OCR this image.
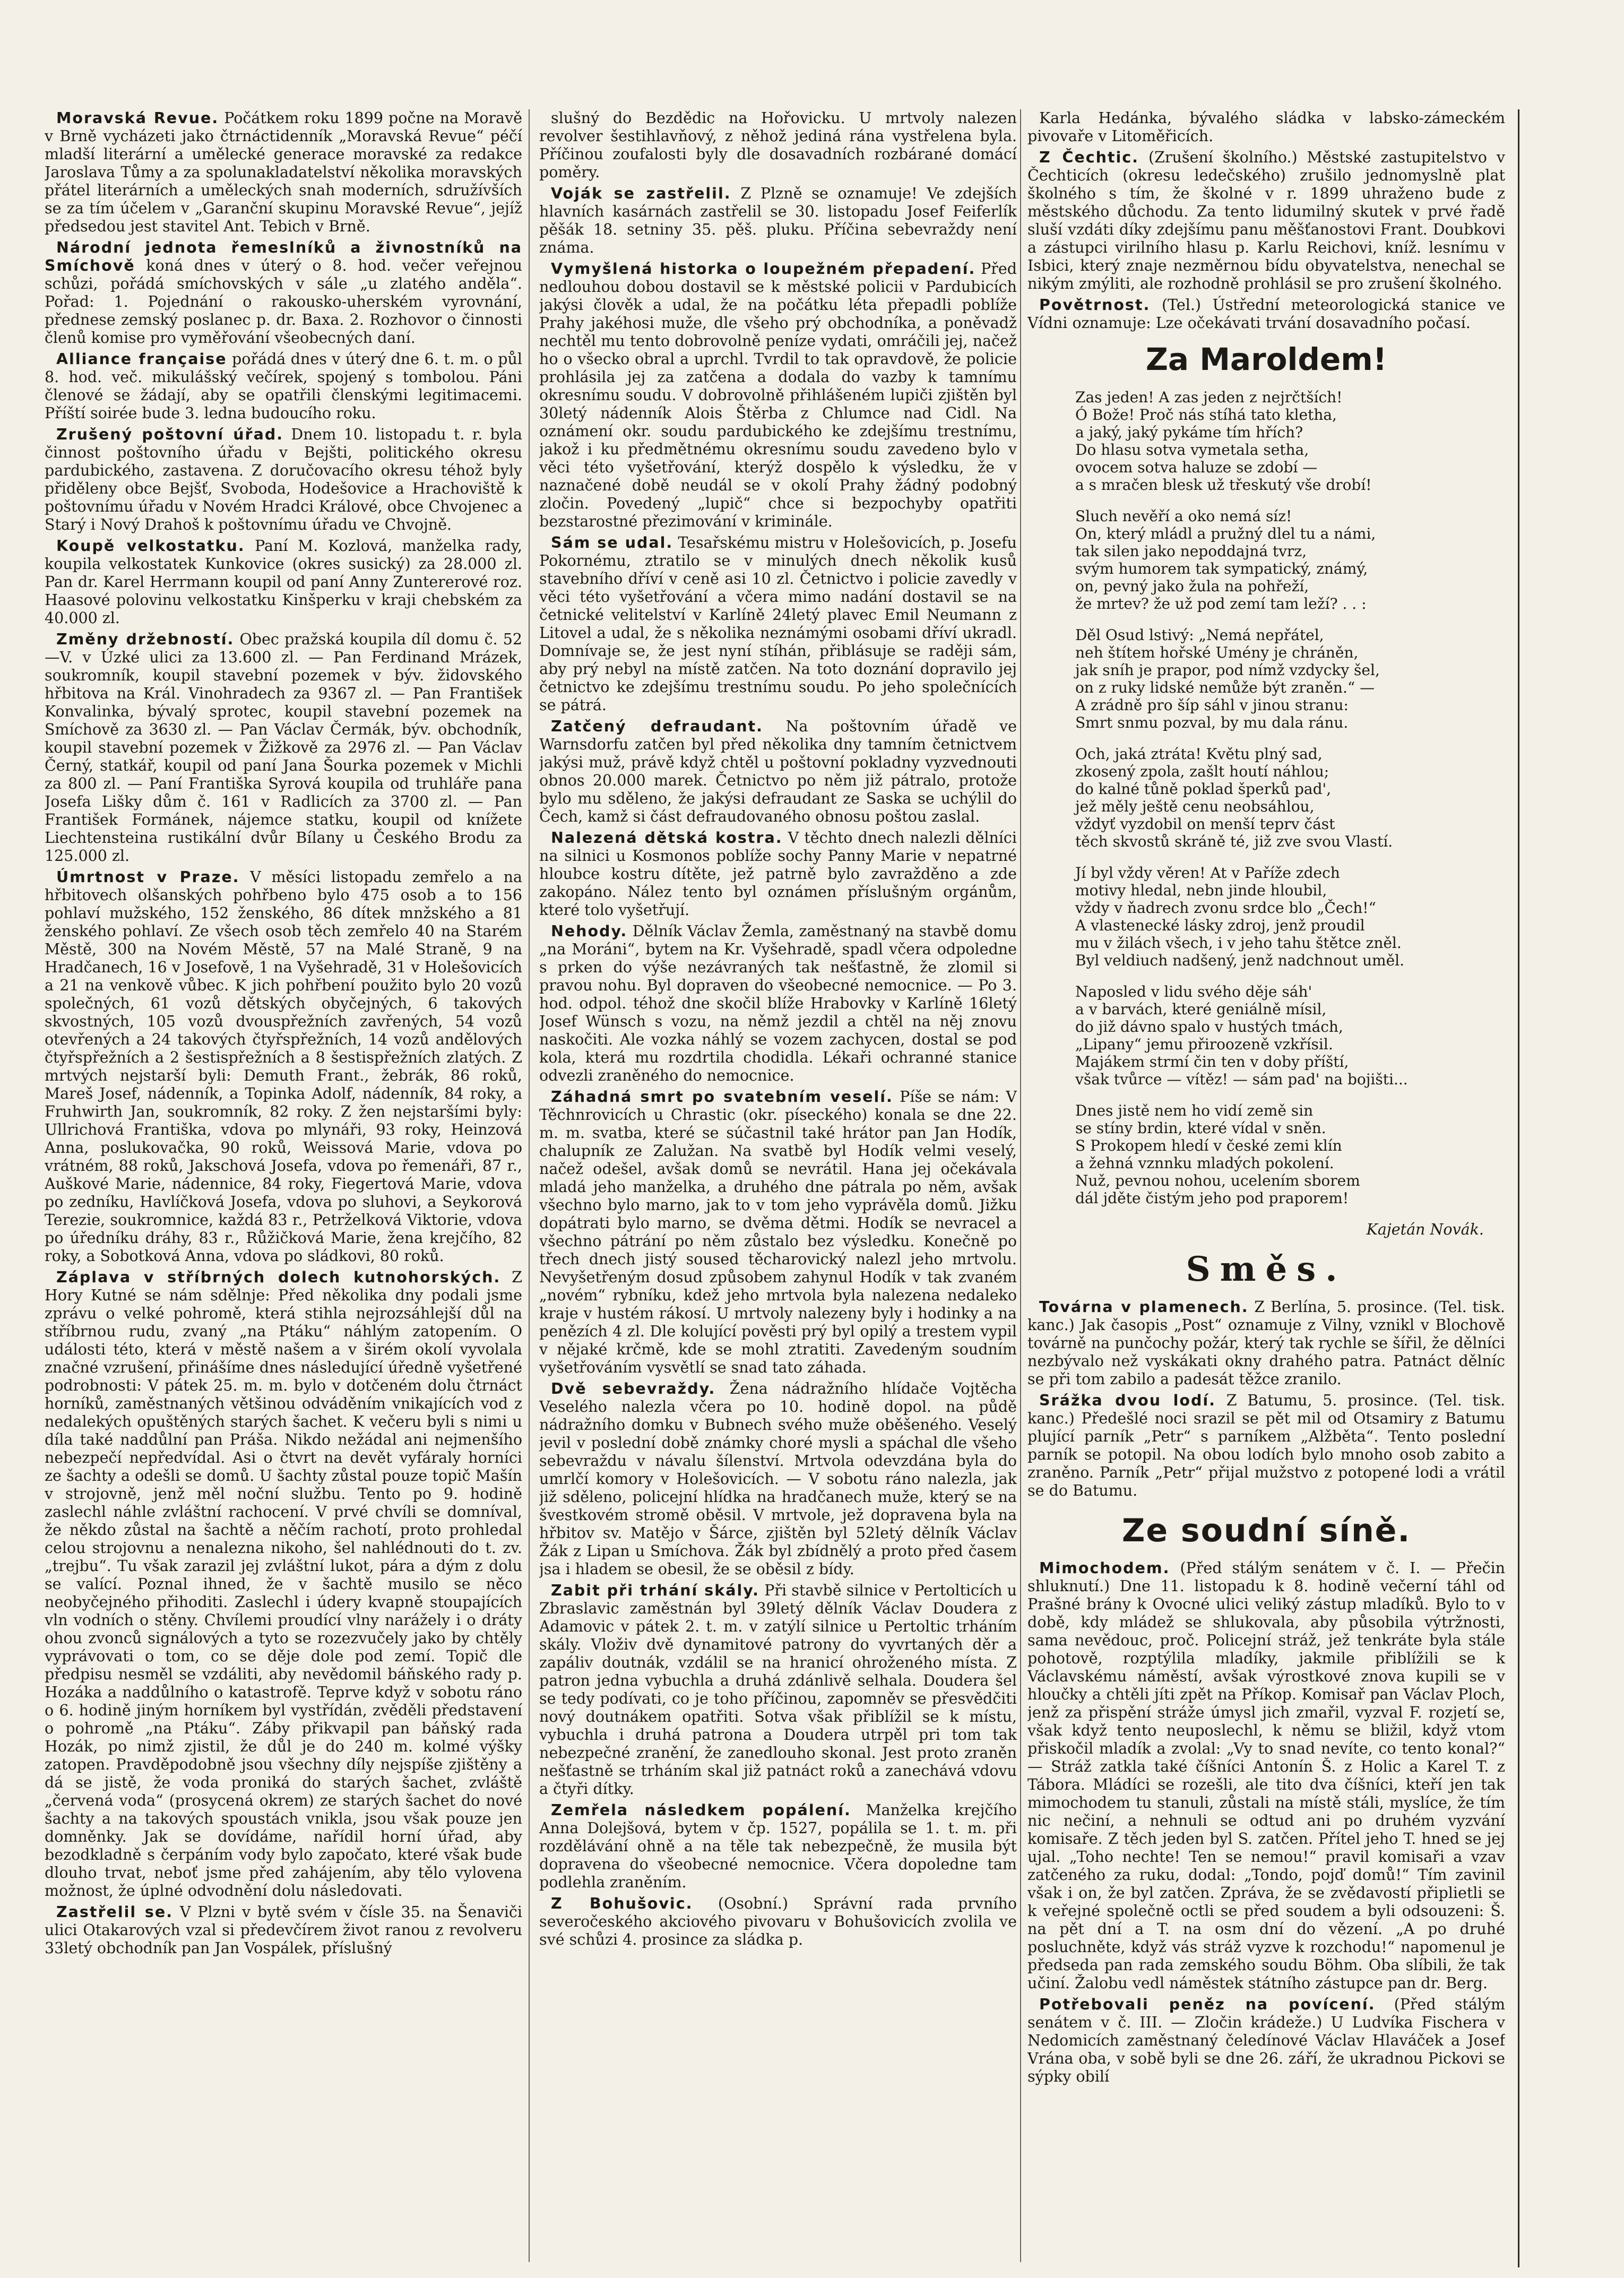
Moravská Revue. Počátkem roku 1899 počne na Moravě v Brně vycházeti jako čtrnáctidenník „Moravská Revue“ péčí mladší literární a umělecké generace moravské za redakce Jaroslava Tůmy a za spolunakladatelství několika moravských přátel literárních a uměleckých snah moderních, sdružívších se za tím účelem v „Garanční skupinu Moravské Revue“, jejíž předsedou jest stavitel Ant. Tebich v Brně.

Národní jednota řemeslníků a živnostníků na Smíchově koná dnes v úterý o 8. hod. večer veřejnou schůzi, pořádá smíchovských v sále „u zlatého anděla“. Pořad: 1. Pojednání o rakousko-uherském vyrovnání, přednese zemský poslanec p. dr. Baxa. 2. Rozhovor o činnosti členů komise pro vyměřování všeobecných daní.

Alliance française pořádá dnes v úterý dne 6. t. m. o půl 8. hod. več. mikulášský večírek, spojený s tombolou. Páni členové se žádají, aby se opatřili členskými legitimacemi. Příští soirée bude 3. ledna budoucího roku.

Zrušený poštovní úřad. Dnem 10. listopadu t. r. byla činnost poštovního úřadu v Bejšti, politického okresu pardubického, zastavena. Z doručovacího okresu téhož byly přiděleny obce Bejšť, Svoboda, Hodešovice a Hrachoviště k poštovnímu úřadu v Novém Hradci Králové, obce Chvojenec a Starý i Nový Drahoš k poštovnímu úřadu ve Chvojně.

Koupě velkostatku. Paní M. Kozlová, manželka rady, koupila velkostatek Kunkovice (okres susický) za 28.000 zl. Pan dr. Karel Herrmann koupil od paní Anny Zuntererové roz. Haasové polovinu velkostatku Kinšperku v kraji chebském za 40.000 zl.

Změny držebností. Obec pražská koupila díl domu č. 52—V. v Úzké ulici za 13.600 zl. — Pan Ferdinand Mrázek, soukromník, koupil stavební pozemek v býv. židovského hřbitova na Král. Vinohradech za 9367 zl. — Pan František Konvalinka, bývalý sprotec, koupil stavební pozemek na Smíchově za 3630 zl. — Pan Václav Čermák, býv. obchodník, koupil stavební pozemek v Žižkově za 2976 zl. — Pan Václav Černý, statkář, koupil od paní Jana Šourka pozemek v Michli za 800 zl. — Paní Františka Syrová koupila od truhláře pana Josefa Lišky dům č. 161 v Radlicích za 3700 zl. — Pan František Formánek, nájemce statku, koupil od knížete Liechtensteina rustikální dvůr Bílany u Českého Brodu za 125.000 zl.

Úmrtnost v Praze. V měsíci listopadu zemřelo a na hřbitovech olšanských pohřbeno bylo 475 osob a to 156 pohlaví mužského, 152 ženského, 86 dítek mnžského a 81 ženského pohlaví. Ze všech osob těch zemřelo 40 na Starém Městě, 300 na Novém Městě, 57 na Malé Straně, 9 na Hradčanech, 16 v Josefově, 1 na Vyšehradě, 31 v Holešovicích a 21 na venkově vůbec. K jich pohřbení použito bylo 20 vozů společných, 61 vozů dětských obyčejných, 6 takových skvostných, 105 vozů dvouspřežních zavřených, 54 vozů otevřených a 24 takových čtyřspřežních, 14 vozů andělových čtyřspřežních a 2 šestispřežních a 8 šestispřežních zlatých. Z mrtvých nejstarší byli: Demuth Frant., žebrák, 86 roků, Mareš Josef, nádenník, a Topinka Adolf, nádenník, 84 roky, a Fruhwirth Jan, soukromník, 82 roky. Z žen nejstaršími byly: Ullrichová Františka, vdova po mlynáři, 93 roky, Heinzová Anna, poslukovačka, 90 roků, Weissová Marie, vdova po vrátném, 88 roků, Jakschová Josefa, vdova po řemenáři, 87 r., Auškové Marie, nádennice, 84 roky, Fiegertová Marie, vdova po zedníku, Havlíčková Josefa, vdova po sluhovi, a Seykorová Terezie, soukromnice, každá 83 r., Petrželková Viktorie, vdova po úředníku dráhy, 83 r., Růžičková Marie, žena krejčího, 82 roky, a Sobotková Anna, vdova po sládkovi, 80 roků.

Záplava v stříbrných dolech kutnohorských. Z Hory Kutné se nám sdělnje: Před několika dny podali jsme zprávu o velké pohromě, která stihla nejrozsáhlejší důl na stříbrnou rudu, zvaný „na Ptáku“ náhlým zatopením. O události této, která v městě našem a v širém okolí vyvolala značné vzrušení, přinášíme dnes následující úředně vyšetřené podrobnosti: V pátek 25. m. m. bylo v dotčeném dolu čtrnáct horníků, zaměstnaných většinou odváděním vnikajících vod z nedalekých opuštěných starých šachet. K večeru byli s nimi u díla také naddůlní pan Práša. Nikdo nežádal ani nejmenšího nebezpečí nepředvídal. Asi o čtvrt na devět vyfáraly horníci ze šachty a odešli se domů. U šachty zůstal pouze topič Mašín v strojovně, jenž měl noční službu. Tento po 9. hodině zaslechl náhle zvláštní rachocení. V prvé chvíli se domníval, že někdo zůstal na šachtě a něčím rachotí, proto prohledal celou strojovnu a nenalezna nikoho, šel nahlédnouti do t. zv. „trejbu“. Tu však zarazil jej zvláštní lukot, pára a dým z dolu se valící. Poznal ihned, že v šachtě musilo se něco neobyčejného přihoditi. Zaslechl i údery kvapně stoupajících vln vodních o stěny. Chvílemi proudící vlny narážely i o dráty ohou zvonců signálových a tyto se rozezvučely jako by chtěly vyprávovati o tom, co se děje dole pod zemí. Topič dle předpisu nesměl se vzdáliti, aby nevědomil báňského rady p. Hozáka a naddůlního o katastrofě. Teprve když v sobotu ráno o 6. hodině jiným horníkem byl vystřídán, zvěděli představení o pohromě „na Ptáku“. Záby přikvapil pan báňský rada Hozák, po nimž zjistil, že důl je do 240 m. kolmé výšky zatopen. Pravděpodobně jsou všechny díly nejspíše zjištěny a dá se jistě, že voda proniká do starých šachet, zvláště „červená voda“ (prosycená okrem) ze starých šachet do nové šachty a na takových spoustách vnikla, jsou však pouze jen domněnky. Jak se dovídáme, nařídil horní úřad, aby bezodkladně s čerpáním vody bylo započato, které však bude dlouho trvat, neboť jsme před zahájením, aby tělo vylovena možnost, že úplné odvodnění dolu následovati.

Zastřelil se. V Plzni v bytě svém v čísle 35. na Šenaviči ulici Otakarových vzal si předevčírem život ranou z revolveru 33letý obchodník pan Jan Vospálek, příslušný

slušný do Bezdědic na Hořovicku. U mrtvoly nalezen revolver šestihlavňový, z něhož jediná rána vystřelena byla. Příčinou zoufalosti byly dle dosavadních rozbárané domácí poměry.

Voják se zastřelil. Z Plzně se oznamuje! Ve zdejších hlavních kasárnách zastřelil se 30. listopadu Josef Feiferlík pěšák 18. setniny 35. pěš. pluku. Příčina sebevraždy není známa.

Vymyšlená historka o loupežném přepadení. Před nedlouhou dobou dostavil se k městské policii v Pardubicích jakýsi člověk a udal, že na počátku léta přepadli poblíže Prahy jakéhosi muže, dle všeho prý obchodníka, a poněvadž nechtěl mu tento dobrovolně peníze vydati, omráčili jej, načež ho o všecko obral a uprchl. Tvrdil to tak opravdově, že policie prohlásila jej za zatčena a dodala do vazby k tamnímu okresnímu soudu. V dobrovolně přihlášeném lupiči zjištěn byl 30letý nádenník Alois Štěrba z Chlumce nad Cidl. Na oznámení okr. soudu pardubického ke zdejšímu trestnímu, jakož i ku předmětnému okresnímu soudu zavedeno bylo v věci této vyšetřování, kterýž dospělo k výsledku, že v naznačené době neudál se v okolí Prahy žádný podobný zločin. Povedený „lupič“ chce si bezpochyby opatřiti bezstarostné přezimování v kriminále.

Sám se udal. Tesařskému mistru v Holešovicích, p. Josefu Pokornému, ztratilo se v minulých dnech několik kusů stavebního dříví v ceně asi 10 zl. Četnictvo i policie zavedly v věci této vyšetřování a včera mimo nadání dostavil se na četnické velitelství v Karlíně 24letý plavec Emil Neumann z Litovel a udal, že s několika neznámými osobami dříví ukradl. Domnívaje se, že jest nyní stíhán, přiblásuje se raději sám, aby prý nebyl na místě zatčen. Na toto doznání dopravilo jej četnictvo ke zdejšímu trestnímu soudu. Po jeho společnících se pátrá.

Zatčený defraudant. Na poštovním úřadě ve Warnsdorfu zatčen byl před několika dny tamním četnictvem jakýsi muž, právě když chtěl u poštovní pokladny vyzvednouti obnos 20.000 marek. Četnictvo po něm již pátralo, protože bylo mu sděleno, že jakýsi defraudant ze Saska se uchýlil do Čech, kamž si část defraudovaného obnosu poštou zaslal.

Nalezená dětská kostra. V těchto dnech nalezli dělníci na silnici u Kosmonos poblíže sochy Panny Marie v nepatrné hloubce kostru dítěte, jež patrně bylo zavražděno a zde zakopáno. Nález tento byl oznámen příslušným orgánům, které tolo vyšetřují.

Nehody. Dělník Václav Žemla, zaměstnaný na stavbě domu „na Moráni“, bytem na Kr. Vyšehradě, spadl včera odpoledne s prken do výše nezávraných tak nešťastně, že zlomil si pravou nohu. Byl dopraven do všeobecné nemocnice. — Po 3. hod. odpol. téhož dne skočil blíže Hrabovky v Karlíně 16letý Josef Wünsch s vozu, na němž jezdil a chtěl na něj znovu naskočiti. Ale vozka náhlý se vozem zachycen, dostal se pod kola, která mu rozdrtila chodidla. Lékaři ochranné stanice odvezli zraněného do nemocnice.

Záhadná smrt po svatebním veselí. Píše se nám: V Těchnrovicích u Chrastic (okr. píseckého) konala se dne 22. m. m. svatba, které se súčastnil také hrátor pan Jan Hodík, chalupník ze Zalužan. Na svatbě byl Hodík velmi veselý, načež odešel, avšak domů se nevrátil. Hana jej očekávala mladá jeho manželka, a druhého dne pátrala po něm, avšak všechno bylo marno, jak to v tom jeho vyprávěla domů. Jižku dopátrati bylo marno, se dvěma dětmi. Hodík se nevracel a všechno pátrání po něm zůstalo bez výsledku. Konečně po třech dnech jistý soused těcharovický nalezl jeho mrtvolu. Nevyšetřeným dosud způsobem zahynul Hodík v tak zvaném „novém“ rybníku, kdež jeho mrtvola byla nalezena nedaleko kraje v hustém rákosí. U mrtvoly nalezeny byly i hodinky a na penězích 4 zl. Dle kolující pověsti prý byl opilý a trestem vypil v nějaké krčmě, kde se mohl ztratiti. Zavedeným soudním vyšetřováním vysvětlí se snad tato záhada.

Dvě sebevraždy. Žena nádražního hlídače Vojtěcha Veselého nalezla včera po 10. hodině dopol. na půdě nádražního domku v Bubnech svého muže oběšeného. Veselý jevil v poslední době známky choré mysli a spáchal dle všeho sebevraždu v návalu šílenství. Mrtvola odevzdána byla do umrlčí komory v Holešovicích. — V sobotu ráno nalezla, jak již sděleno, policejní hlídka na hradčanech muže, který se na švestkovém stromě oběsil. V mrtvole, jež dopravena byla na hřbitov sv. Matějo v Šárce, zjištěn byl 52letý dělník Václav Žák z Lipan u Smíchova. Žák byl zbídnělý a proto před časem jsa i hladem se obesil, že se oběsil z bídy.

Zabit při trhání skály. Při stavbě silnice v Pertolticích u Zbraslavic zaměstnán byl 39letý dělník Václav Doudera z Adamovic v pátek 2. t. m. v zatýlí silnice u Pertoltic trháním skály. Vloživ dvě dynamitové patrony do vyvrtaných děr a zapáliv doutnák, vzdálil se na hranicí ohroženého místa. Z patron jedna vybuchla a druhá zdánlivě selhala. Doudera šel se tedy podívati, co je toho příčinou, zapomněv se přesvědčiti nový doutnákem opatřiti. Sotva však přiblížil se k místu, vybuchla i druhá patrona a Doudera utrpěl pri tom tak nebezpečné zranění, že zanedlouho skonal. Jest proto zraněn nešťastně se trháním skal již patnáct roků a zanechává vdovu a čtyři dítky.

Zemřela následkem popálení. Manželka krejčího Anna Dolejšová, bytem v čp. 1527, popálila se 1. t. m. při rozdělávání ohně a na těle tak nebezpečně, že musila být dopravena do všeobecné nemocnice. Včera dopoledne tam podlehla zraněním.

Z Bohušovic. (Osobní.) Správní rada prvního severočeského akciového pivovaru v Bohušovicích zvolila ve své schůzi 4. prosince za sládka p.

Karla Hedánka, bývalého sládka v labsko-zámeckém pivovaře v Litoměřicích.

Z Čechtic. (Zrušení školního.) Městské zastupitelstvo v Čechticích (okresu ledečského) zrušilo jednomyslně plat školného s tím, že školné v r. 1899 uhraženo bude z městského důchodu. Za tento lidumilný skutek v prvé řadě sluší vzdáti díky zdejšímu panu měšťanostovi Frant. Doubkovi a zástupci virilního hlasu p. Karlu Reichovi, kníž. lesnímu v Isbici, který znaje nezměrnou bídu obyvatelstva, nenechal se nikým zmýliti, ale rozhodně prohlásil se pro zrušení školného.

Povětrnost. (Tel.) Ústřední meteorologická stanice ve Vídni oznamuje: Lze očekávati trvání dosavadního počasí.

Za Maroldem!
Zas jeden! A zas jeden z nejrčtších!
Ó Bože! Proč nás stíhá tato kletha,
a jaký, jaký pykáme tím hřích?
Do hlasu sotva vymetala setha,
ovocem sotva haluze se zdobí —
a s mračen blesk už třeskutý vše drobí!
Sluch nevěří a oko nemá síz!
On, který mládl a pružný dlel tu a námi,
tak silen jako nepoddajná tvrz,
svým humorem tak sympatický, známý,
on, pevný jako žula na pohřeží,
že mrtev? že už pod zemí tam leží? . . :
Děl Osud lstivý: „Nemá nepřátel,
neh štítem hořské Umény je chráněn,
jak sníh je prapor, pod nímž vzdycky šel,
on z ruky lidské nemůže být zraněn.“ —
A zrádně pro šíp sáhl v jinou stranu:
Smrt snmu pozval, by mu dala ránu.
Och, jaká ztráta! Květu plný sad,
zkosený zpola, zašlt houtí náhlou;
do kalné tůně poklad šperků pad',
jež měly ještě cenu neobsáhlou,
vždyť vyzdobil on menší teprv část
těch skvostů skráně té, již zve svou Vlastí.
Jí byl vždy věren! At v Paříže zdech
motivy hledal, nebn jinde hloubil,
vždy v ňadrech zvonu srdce blo „Čech!“
A vlastenecké lásky zdroj, jenž proudil
mu v žilách všech, i v jeho tahu štětce zněl.
Byl veldiuch nadšený, jenž nadchnout uměl.
Naposled v lidu svého děje sáh'
a v barvách, které geniálně mísil,
do již dávno spalo v hustých tmách,
„Lipany“ jemu přiroozeně vzkřísil.
Majákem strmí čin ten v doby příští,
však tvůrce — vítěz! — sám pad' na bojišti...
Dnes jistě nem ho vidí země sin
se stíny brdin, které vídal v sněn.
S Prokopem hledí v české zemi klín
a žehná vznnku mladých pokolení.
Nuž, pevnou nohou, ucelením sborem
dál jděte čistým jeho pod praporem!
Kajetán Novák.
Směs.

Továrna v plamenech. Z Berlína, 5. prosince. (Tel. tisk. kanc.) Jak časopis „Post“ oznamuje z Vilny, vznikl v Blochově továrně na punčochy požár, který tak rychle se šířil, že dělníci nezbývalo než vyskákati okny drahého patra. Patnáct dělníc se při tom zabilo a padesát těžce zranilo.

Srážka dvou lodí. Z Batumu, 5. prosince. (Tel. tisk. kanc.) Předešlé noci srazil se pět mil od Otsamiry z Batumu plující parník „Petr“ s parníkem „Alžběta“. Tento poslední parník se potopil. Na obou lodích bylo mnoho osob zabito a zraněno. Parník „Petr“ přijal mužstvo z potopené lodi a vrátil se do Batumu.

Ze soudní síně.

Mimochodem. (Před stálým senátem v č. I. — Přečin shluknutí.) Dne 11. listopadu k 8. hodině večerní táhl od Prašné brány k Ovocné ulici veliký zástup mladíků. Bylo to v době, kdy mládež se shlukovala, aby působila výtržnosti, sama nevědouc, proč. Policejní stráž, jež tenkráte byla stále pohotově, rozptýlila mladíky, jakmile přiblížili se k Václavskému náměstí, avšak výrostkové znova kupili se v hloučky a chtěli jíti zpět na Příkop. Komisař pan Václav Ploch, jenž za přispění stráže úmysl jich zmařil, vyzval F. rozjetí se, však když tento neuposlechl, k němu se bližil, když vtom přiskočil mladík a zvolal: „Vy to snad nevíte, co tento konal?“ — Stráž zatkla také číšníci Antonín Š. z Holic a Karel T. z Tábora. Mládíci se rozešli, ale tito dva číšníci, kteří jen tak mimochodem tu stanuli, zůstali na místě stáli, myslíce, že tím nic nečiní, a nehnuli se odtud ani po druhém vyzvání komisaře. Z těch jeden byl S. zatčen. Přítel jeho T. hned se jej ujal. „Toho nechte! Ten se nemou!“ pravil komisaři a vzav zatčeného za ruku, dodal: „Tondo, pojď domů!“ Tím zavinil však i on, že byl zatčen. Zpráva, že se zvědavostí připlietli se k veřejné společně octli se před soudem a byli odsouzeni: Š. na pět dní a T. na osm dní do vězení. „A po druhé posluchněte, když vás stráž vyzve k rozchodu!“ napomenul je předseda pan rada zemského soudu Böhm. Oba slíbili, že tak učiní. Žalobu vedl náměstek státního zástupce pan dr. Berg.

Potřebovali peněz na povícení. (Před stálým senátem v č. III. — Zločin krádeže.) U Ludvíka Fischera v Nedomicích zaměstnaný čeledínové Václav Hlaváček a Josef Vrána oba, v sobě byli se dne 26. září, že ukradnou Pickovi se sýpky obilí
